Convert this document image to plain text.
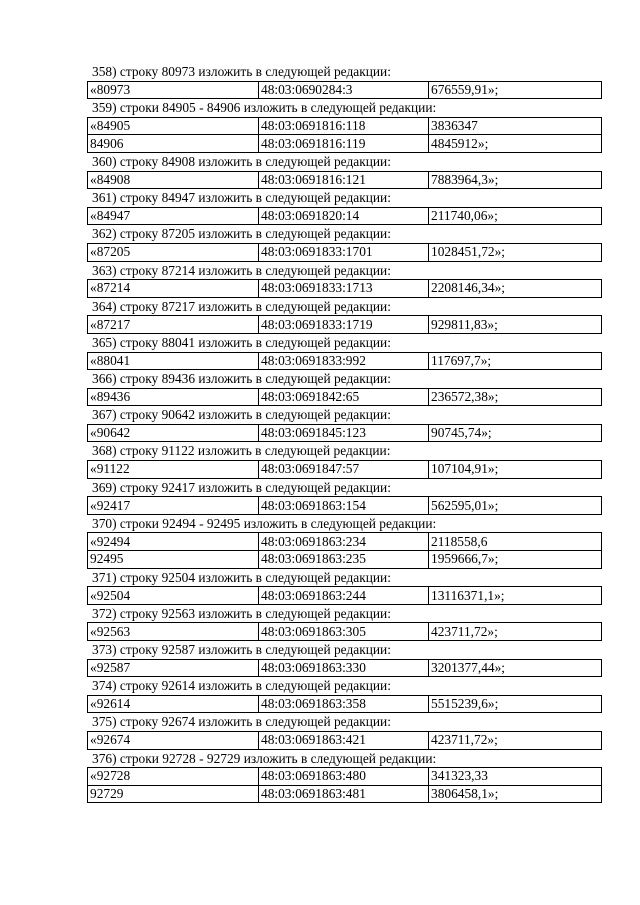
358) строку 80973 изложить в следующей редакции:
«80973	48:03:0690284:3	676559,91»;
359) строки 84905 - 84906 изложить в следующей редакции:
«84905	48:03:0691816:118	3836347
84906	48:03:0691816:119	4845912»;
360) строку 84908 изложить в следующей редакции:
«84908	48:03:0691816:121	7883964,3»;
361) строку 84947 изложить в следующей редакции:
«84947	48:03:0691820:14	211740,06»;
362) строку 87205 изложить в следующей редакции:
«87205	48:03:0691833:1701	1028451,72»;
363) строку 87214 изложить в следующей редакции:
«87214	48:03:0691833:1713	2208146,34»;
364) строку 87217 изложить в следующей редакции:
«87217	48:03:0691833:1719	929811,83»;
365) строку 88041 изложить в следующей редакции:
«88041	48:03:0691833:992	117697,7»;
366) строку 89436 изложить в следующей редакции:
«89436	48:03:0691842:65	236572,38»;
367) строку 90642 изложить в следующей редакции:
«90642	48:03:0691845:123	90745,74»;
368) строку 91122 изложить в следующей редакции:
«91122	48:03:0691847:57	107104,91»;
369) строку 92417 изложить в следующей редакции:
«92417	48:03:0691863:154	562595,01»;
370) строки 92494 - 92495 изложить в следующей редакции:
«92494	48:03:0691863:234	2118558,6
92495	48:03:0691863:235	1959666,7»;
371) строку 92504 изложить в следующей редакции:
«92504	48:03:0691863:244	13116371,1»;
372) строку 92563 изложить в следующей редакции:
«92563	48:03:0691863:305	423711,72»;
373) строку 92587 изложить в следующей редакции:
«92587	48:03:0691863:330	3201377,44»;
374) строку 92614 изложить в следующей редакции:
«92614	48:03:0691863:358	5515239,6»;
375) строку 92674 изложить в следующей редакции:
«92674	48:03:0691863:421	423711,72»;
376) строки 92728 - 92729 изложить в следующей редакции:
«92728	48:03:0691863:480	341323,33
92729	48:03:0691863:481	3806458,1»;
